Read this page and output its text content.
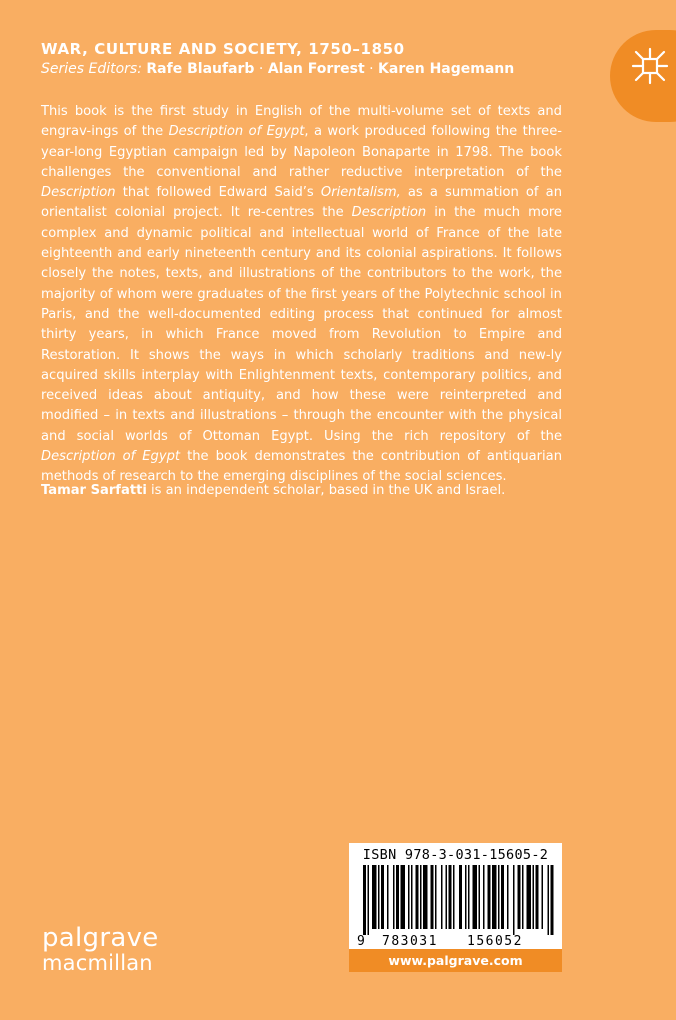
WAR, CULTURE AND SOCIETY, 1750–1850
Series Editors: Rafe Blaufarb · Alan Forrest · Karen Hagemann

This book is the first study in English of the multi-volume set of texts and engrav-ings of the Description of Egypt, a work produced following the three-year-long Egyptian campaign led by Napoleon Bonaparte in 1798. The book challenges the conventional and rather reductive interpretation of the Description that followed Edward Said’s Orientalism, as a summation of an orientalist colonial project. It re-centres the Description in the much more complex and dynamic political and intellectual world of France of the late eighteenth and early nineteenth century and its colonial aspirations. It follows closely the notes, texts, and illustrations of the contributors to the work, the majority of whom were graduates of the first years of the Polytechnic school in Paris, and the well-documented editing process that continued for almost thirty years, in which France moved from Revolution to Empire and Restoration. It shows the ways in which scholarly traditions and new-ly acquired skills interplay with Enlightenment texts, contemporary politics, and received ideas about antiquity, and how these were reinterpreted and modified – in texts and illustrations – through the encounter with the physical and social worlds of Ottoman Egypt. Using the rich repository of the Description of Egypt the book demonstrates the contribution of antiquarian methods of research to the emerging disciplines of the social sciences.

Tamar Sarfatti is an independent scholar, based in the UK and Israel.
ISBN 978-3-031-15605-2
9 783031 156052
www.palgrave.com
palgrave
macmillan
